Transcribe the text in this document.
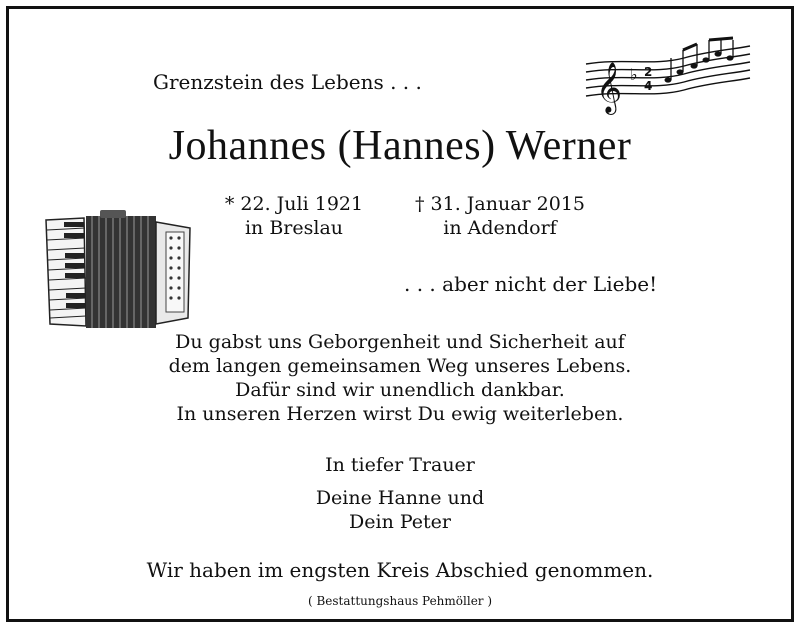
Grenzstein des Lebens . . .	𝄞 ♭ 2
4
Johannes (Hannes) Werner
* 22. Juli 1921
in Breslau
† 31. Januar 2015
in Adendorf
. . . aber nicht der Liebe!
Du gabst uns Geborgenheit und Sicherheit auf
dem langen gemeinsamen Weg unseres Lebens.
Dafür sind wir unendlich dankbar.
In unseren Herzen wirst Du ewig weiterleben.
In tiefer Trauer
Deine Hanne und
Dein Peter
Wir haben im engsten Kreis Abschied genommen.
( Bestattungshaus Pehmöller )
